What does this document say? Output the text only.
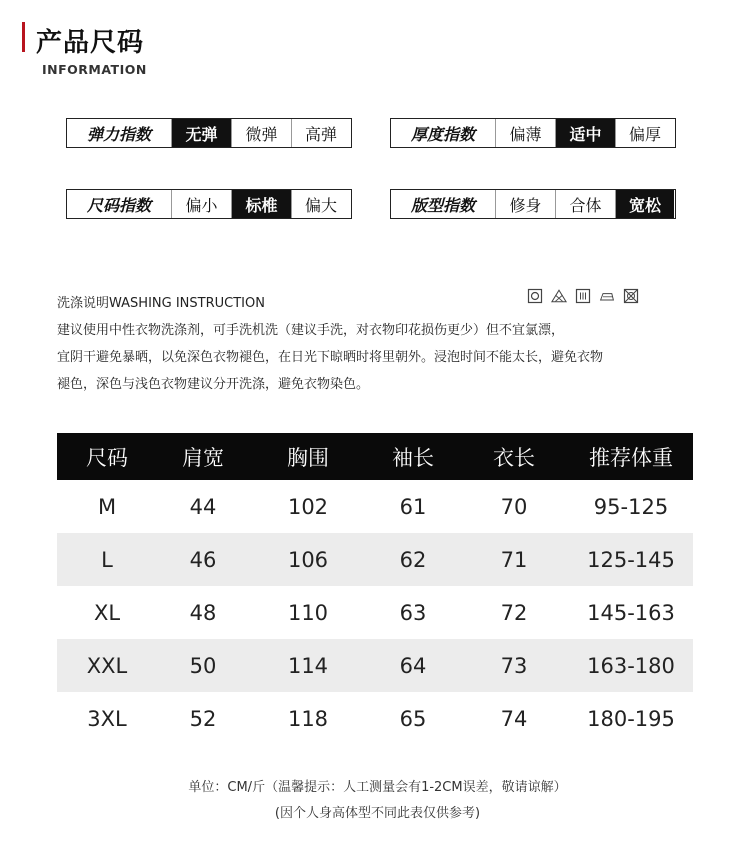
产品尺码
INFORMATION
弹力指数	无弹	微弹	高弹	厚度指数	偏薄	适中	偏厚
尺码指数	偏小	标椎	偏大	版型指数	修身	合体	宽松
洗涤说明WASHING INSTRUCTION
建议使用中性衣物洗涤剂，可手洗机洗（建议手洗，对衣物印花损伤更少）但不宜氯漂，
宜阴干避免暴晒，以免深色衣物褪色，在日光下晾晒时将里朝外。浸泡时间不能太长，避免衣物
褪色，深色与浅色衣物建议分开洗涤，避免衣物染色。
尺码	肩宽	胸围	袖长	衣长	推荐体重
M	44	102	61	70	95-125
L	46	106	62	71	125-145
XL	48	110	63	72	145-163
XXL	50	114	64	73	163-180
3XL	52	118	65	74	180-195
单位：CM/斤（温馨提示：人工测量会有1-2CM误差，敬请谅解）
(因个人身高体型不同此表仅供参考)
